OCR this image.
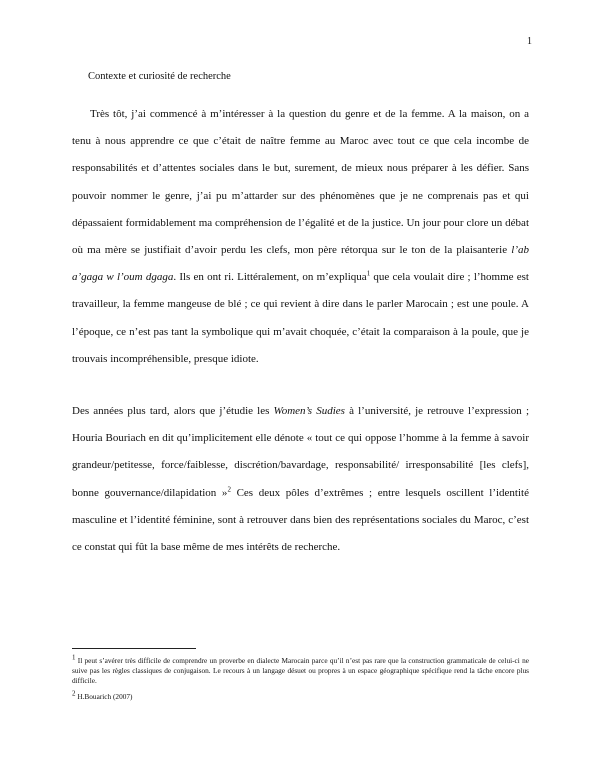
1
Contexte et curiosité de recherche

Très tôt, j’ai commencé à m’intéresser à la question du genre et de la femme. A la maison, on a tenu à nous apprendre ce que c’était de naître femme au Maroc avec tout ce que cela incombe de responsabilités et d’attentes sociales dans le but, surement, de mieux nous préparer à les défier. Sans pouvoir nommer le genre, j’ai pu m’attarder sur des phénomènes que je ne comprenais pas et qui dépassaient formidablement ma compréhension de l’égalité et de la justice. Un jour pour clore un débat où ma mère se justifiait d’avoir perdu les clefs, mon père rétorqua sur le ton de la plaisanterie l’ab a’gaga w l’oum dgaga. Ils en ont ri. Littéralement, on m’expliqua$^1$ que cela voulait dire ; l’homme est travailleur, la femme mangeuse de blé ; ce qui revient à dire dans le parler Marocain ; est une poule. A l’époque, ce n’est pas tant la symbolique qui m’avait choquée, c’était la comparaison à la poule, que je trouvais incompréhensible, presque idiote.

Des années plus tard, alors que j’étudie les Women’s Sudies à l’université, je retrouve l’expression ; Houria Bouriach en dit qu’implicitement elle dénote « tout ce qui oppose l’homme à la femme à savoir grandeur/petitesse, force/faiblesse, discrétion/bavardage, responsabilité/ irresponsabilité [les clefs], bonne gouvernance/dilapidation »$^2$ Ces deux pôles d’extrêmes ; entre lesquels oscillent l’identité masculine et l’identité féminine, sont à retrouver dans bien des représentations sociales du Maroc, c’est ce constat qui fût la base même de mes intérêts de recherche.

$^1$ Il peut s’avérer très difficile de comprendre un proverbe en dialecte Marocain parce qu’il n’est pas rare que la construction grammaticale de celui-ci ne suive pas les règles classiques de conjugaison. Le recours à un langage désuet ou propres à un espace géographique spécifique rend la tâche encore plus difficile.

$^2$ H.Bouarich (2007)
